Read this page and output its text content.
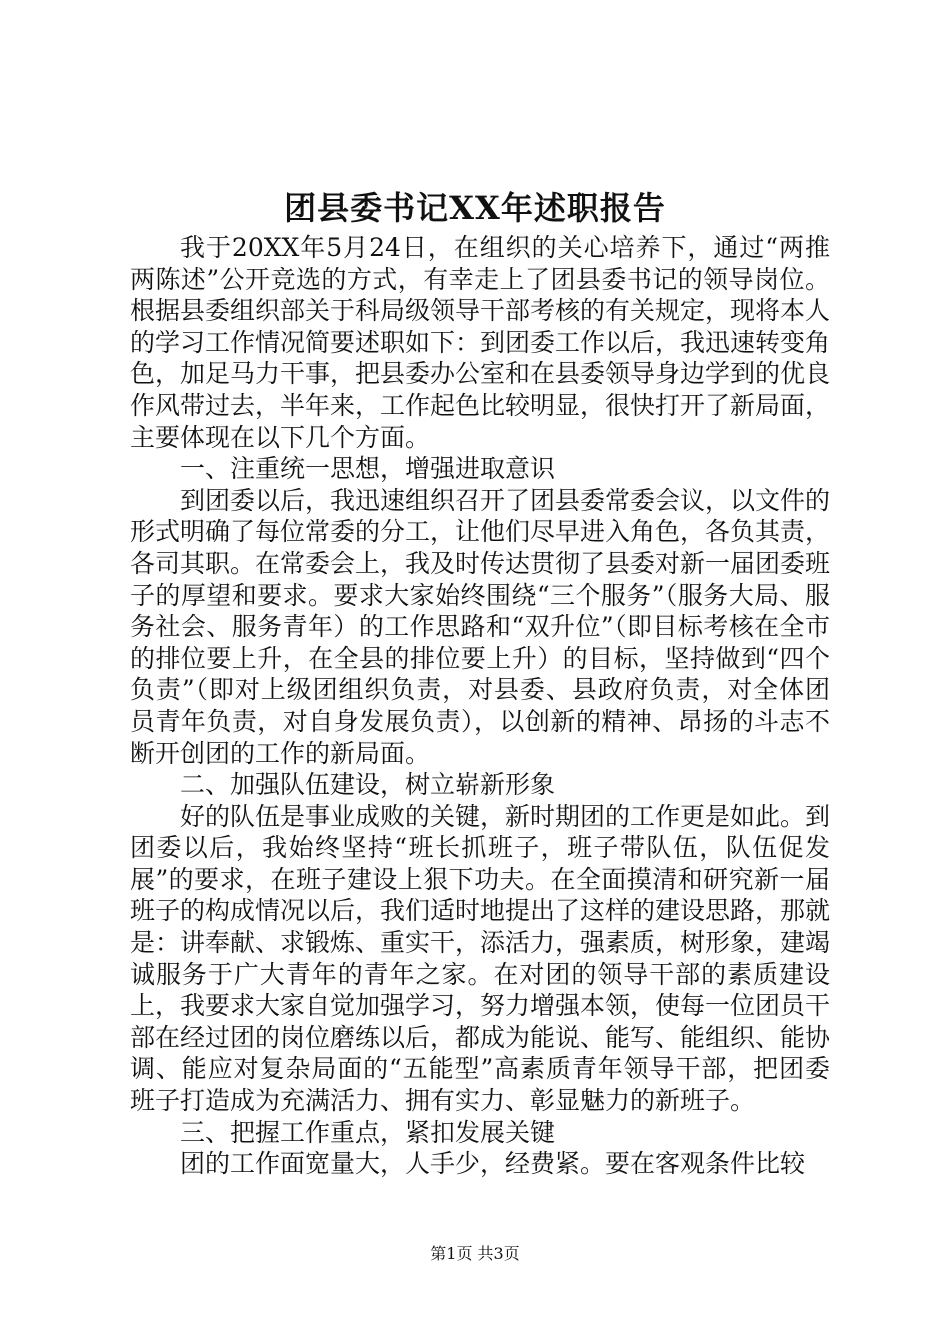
团县委书记XX年述职报告

我于20XX年5月24日，在组织的关心培养下，通过“两推两陈述”公开竞选的方式，有幸走上了团县委书记的领导岗位。根据县委组织部关于科局级领导干部考核的有关规定，现将本人的学习工作情况简要述职如下：到团委工作以后，我迅速转变角色，加足马力干事，把县委办公室和在县委领导身边学到的优良作风带过去，半年来，工作起色比较明显，很快打开了新局面，主要体现在以下几个方面。

一、注重统一思想，增强进取意识

到团委以后，我迅速组织召开了团县委常委会议，以文件的形式明确了每位常委的分工，让他们尽早进入角色，各负其责，各司其职。在常委会上，我及时传达贯彻了县委对新一届团委班子的厚望和要求。要求大家始终围绕“三个服务”（服务大局、服务社会、服务青年）的工作思路和“双升位”（即目标考核在全市的排位要上升，在全县的排位要上升）的目标，坚持做到“四个负责”（即对上级团组织负责，对县委、县政府负责，对全体团员青年负责，对自身发展负责），以创新的精神、昂扬的斗志不断开创团的工作的新局面。

二、加强队伍建设，树立崭新形象

好的队伍是事业成败的关键，新时期团的工作更是如此。到团委以后，我始终坚持“班长抓班子，班子带队伍，队伍促发展”的要求，在班子建设上狠下功夫。在全面摸清和研究新一届班子的构成情况以后，我们适时地提出了这样的建设思路，那就是：讲奉献、求锻炼、重实干，添活力，强素质，树形象，建竭诚服务于广大青年的青年之家。在对团的领导干部的素质建设上，我要求大家自觉加强学习，努力增强本领，使每一位团员干部在经过团的岗位磨练以后，都成为能说、能写、能组织、能协调、能应对复杂局面的“五能型”高素质青年领导干部，把团委班子打造成为充满活力、拥有实力、彰显魅力的新班子。

三、把握工作重点，紧扣发展关键

团的工作面宽量大，人手少，经费紧。要在客观条件比较

第1页 共3页
